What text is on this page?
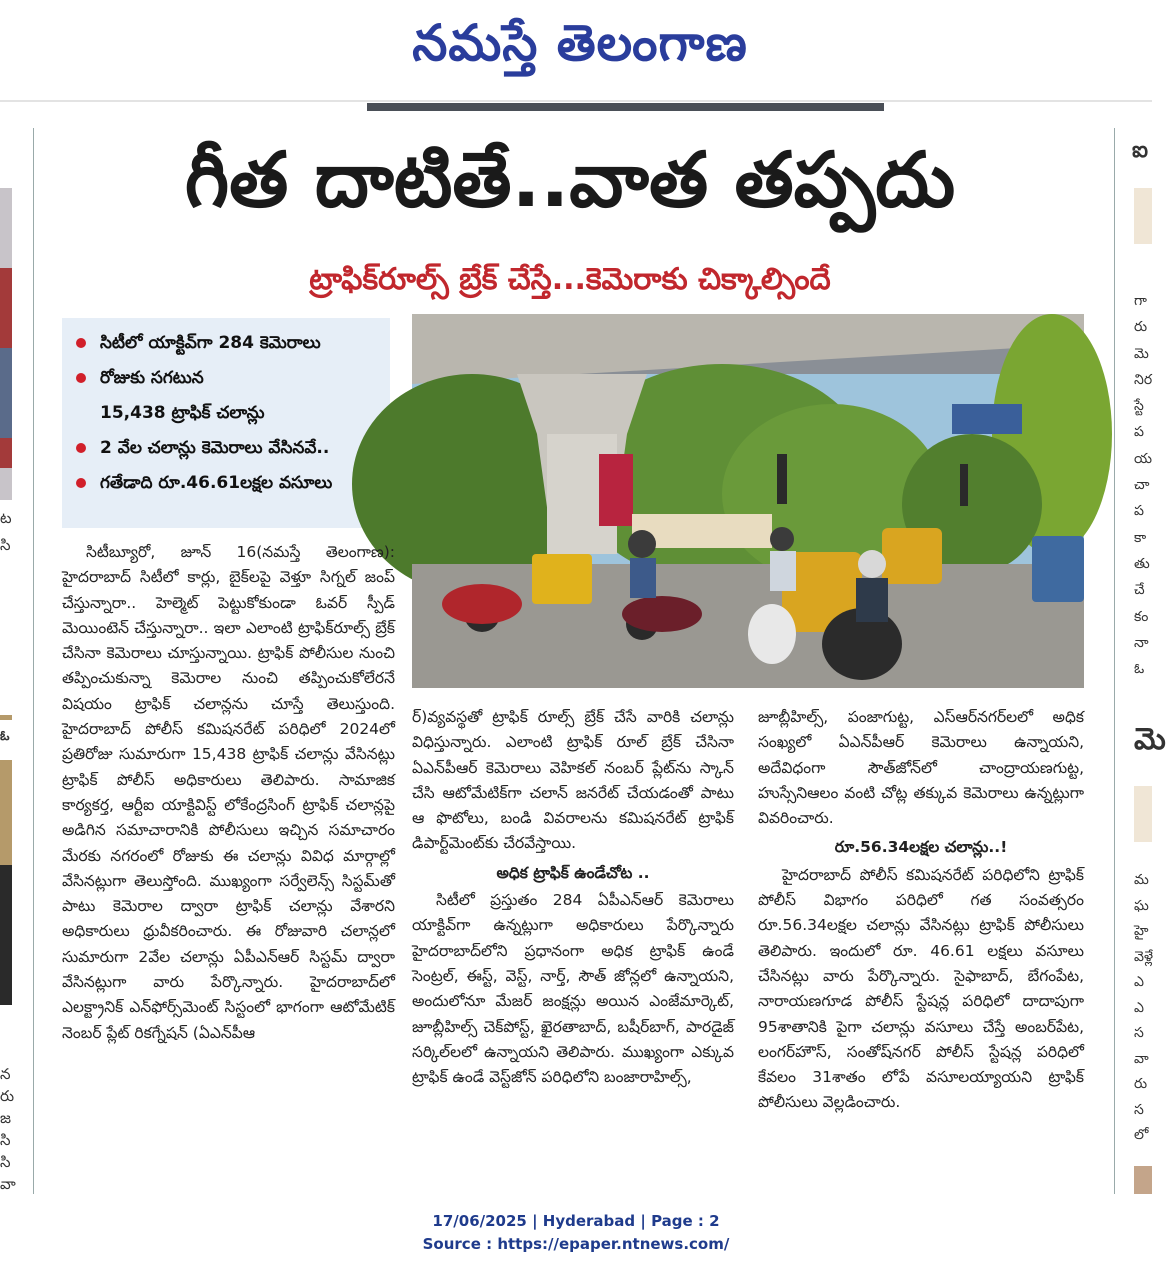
నమస్తే తెలంగాణ
ట
సి
ఓ
న
రు
జ
సి
సి
వా
ఐ
గా
రు
మె
నిర
స్టే
ప
య
చా
ప
కా
తు
చే
కం
నా
ఓ
మె
మ
ఘ
హై
వెళ్లే
ఎ
ఎ
స
వా
రు
స
లో
గీత దాటితే..వాత తప్పదు
ట్రాఫిక్‌రూల్స్ బ్రేక్ చేస్తే...కెమెరాకు చిక్కాల్సిందే
సిటీలో యాక్టివ్‌గా 284 కెమెరాలు
రోజుకు సగటున
15,438 ట్రాఫిక్ చలాన్లు
2 వేల చలాన్లు కెమెరాలు వేసినవే..
గతేడాది రూ.46.61లక్షల వసూలు

సిటీబ్యూరో, జూన్ 16(నమస్తే తెలంగాణ): హైదరాబాద్ సిటీలో కార్లు, బైక్‌లపై వెళ్తూ సిగ్నల్ జంప్ చేస్తున్నారా.. హెల్మెట్ పెట్టుకోకుండా ఓవర్ స్పీడ్ మెయింటెన్ చేస్తున్నారా.. ఇలా ఎలాంటి ట్రాఫిక్‌రూల్స్ బ్రేక్ చేసినా కెమెరాలు చూస్తున్నాయి. ట్రాఫిక్ పోలీసుల నుంచి తప్పించుకున్నా కెమెరాల నుంచి తప్పించుకోలేరనే విషయం ట్రాఫిక్ చలాన్లను చూస్తే తెలుస్తుంది. హైదరాబాద్ పోలీస్ కమిషనరేట్ పరిధిలో 2024లో ప్రతిరోజు సుమారుగా 15,438 ట్రాఫిక్ చలాన్లు వేసినట్లు ట్రాఫిక్ పోలీస్ అధికారులు తెలిపారు. సామాజిక కార్యకర్త, ఆర్టీఐ యాక్టివిస్ట్ లోకేంద్రసింగ్ ట్రాఫిక్ చలాన్లపై అడిగిన సమాచారానికి పోలీసులు ఇచ్చిన సమాచారం మేరకు నగరంలో రోజుకు ఈ చలాన్లు వివిధ మార్గాల్లో వేసినట్లుగా తెలుస్తోంది. ముఖ్యంగా సర్వేలెన్స్ సిస్టమ్‌తో పాటు కెమెరాల ద్వారా ట్రాఫిక్ చలాన్లు వేశారని అధికారులు ధ్రువీకరించారు. ఈ రోజువారి చలాన్లలో సుమారుగా 2వేల చలాన్లు ఏపీఎన్‌ఆర్ సిస్టమ్ ద్వారా వేసినట్లుగా వారు పేర్కొన్నారు. హైదరాబాద్‌లో ఎలక్ట్రానిక్ ఎన్‌ఫోర్స్‌మెంట్ సిస్టంలో భాగంగా ఆటోమేటిక్ నెంబర్ ప్లేట్ రికగ్నేషన్ (ఏఎన్‌పీఆ

ర్)వ్యవస్థతో ట్రాఫిక్ రూల్స్ బ్రేక్ చేసే వారికి చలాన్లు విధిస్తున్నారు. ఎలాంటి ట్రాఫిక్ రూల్ బ్రేక్ చేసినా ఏఎన్‌పీఆర్ కెమెరాలు వెహికల్ నంబర్ ప్లేట్‌ను స్కాన్ చేసి ఆటోమేటిక్‌గా చలాన్ జనరేట్ చేయడంతో పాటు ఆ ఫొటోలు, బండి వివరాలను కమిషనరేట్ ట్రాఫిక్ డిపార్ట్‌మెంట్‌కు చేరవేస్తాయి.

అధిక ట్రాఫిక్ ఉండేచోట ..

సిటీలో ప్రస్తుతం 284 ఏపీఎన్‌ఆర్ కెమెరాలు యాక్టివ్‌గా ఉన్నట్లుగా అధికారులు పేర్కొన్నారు హైదరాబాద్‌లోని ప్రధానంగా అధిక ట్రాఫిక్ ఉండే సెంట్రల్, ఈస్ట్, వెస్ట్, నార్త్, సౌత్ జోన్లలో ఉన్నాయని, అందులోనూ మేజర్ జంక్షన్లు అయిన ఎంజేమార్కెట్, జూబ్లీహిల్స్ చెక్‌పోస్ట్, ఖైరతాబాద్, బషీర్‌బాగ్, పారడైజ్ సర్కిల్‌లలో ఉన్నాయని తెలిపారు. ముఖ్యంగా ఎక్కువ ట్రాఫిక్ ఉండే వెస్ట్‌జోన్ పరిధిలోని బంజారాహిల్స్,

జూబ్లీహిల్స్, పంజాగుట్ట, ఎస్‌ఆర్‌నగర్‌లలో అధిక సంఖ్యలో ఏఎన్‌పీఆర్ కెమెరాలు ఉన్నాయని, అదేవిధంగా సౌత్‌జోన్‌లో చాంద్రాయణగుట్ట, హుస్సేనిఆలం వంటి చోట్ల తక్కువ కెమెరాలు ఉన్నట్లుగా వివరించారు.

రూ.56.34లక్షల చలాన్లు..!

హైదరాబాద్ పోలీస్ కమిషనరేట్ పరిధిలోని ట్రాఫిక్ పోలీస్ విభాగం పరిధిలో గత సంవత్సరం రూ.56.34లక్షల చలాన్లు వేసినట్లు ట్రాఫిక్ పోలీసులు తెలిపారు. ఇందులో రూ. 46.61 లక్షలు వసూలు చేసినట్లు వారు పేర్కొన్నారు. సైఫాబాద్, బేగంపేట, నారాయణగూడ పోలీస్ స్టేషన్ల పరిధిలో దాదాపుగా 95శాతానికి పైగా చలాన్లు వసూలు చేస్తే అంబర్‌పేట, లంగర్‌హౌస్, సంతోష్‌నగర్ పోలీస్ స్టేషన్ల పరిధిలో కేవలం 31శాతం లోపే వసూలయ్యాయని ట్రాఫిక్ పోలీసులు వెల్లడించారు.

17/06/2025 | Hyderabad | Page : 2
Source : https://epaper.ntnews.com/
